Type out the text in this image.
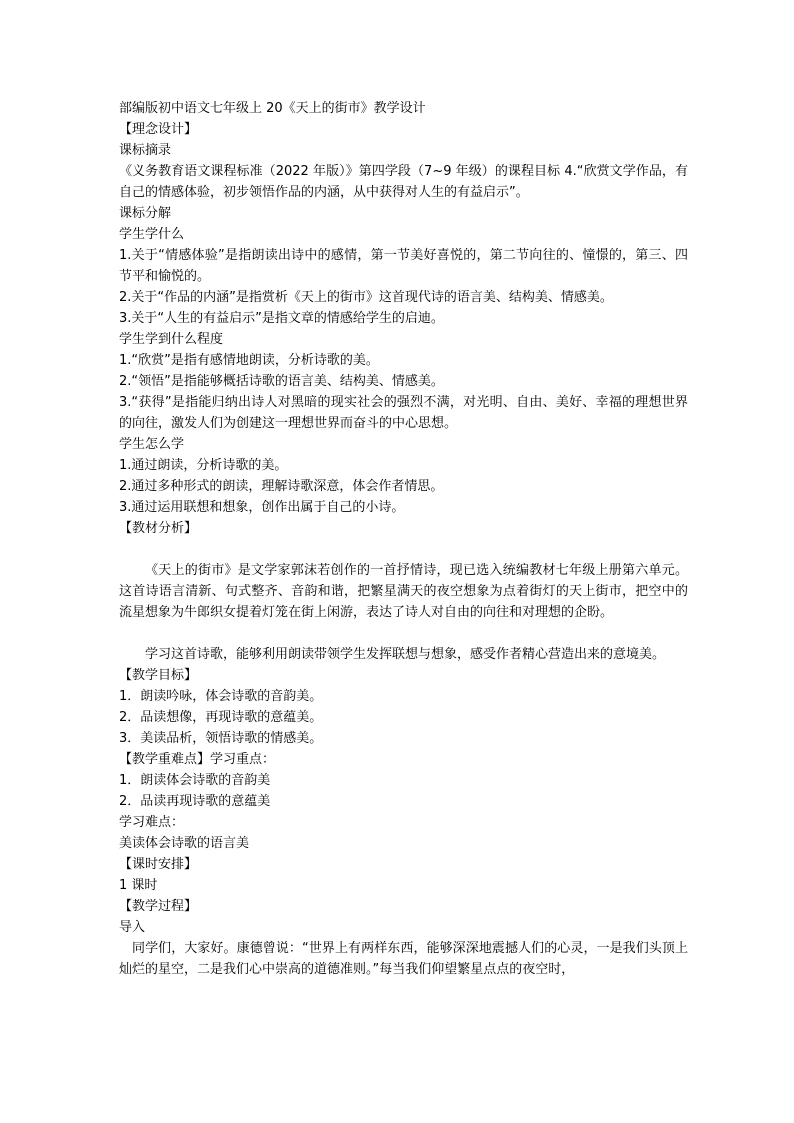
部编版初中语文七年级上 20《天上的街市》教学设计
【理念设计】
课标摘录
《义务教育语文课程标准（2022 年版）》第四学段（7~9 年级）的课程目标 4.“欣赏文学作品，有自己的情感体验，初步领悟作品的内涵，从中获得对人生的有益启示”。
课标分解
学生学什么
1.关于“情感体验”是指朗读出诗中的感情，第一节美好喜悦的，第二节向往的、憧憬的，第三、四节平和愉悦的。
2.关于“作品的内涵”是指赏析《天上的街市》这首现代诗的语言美、结构美、情感美。
3.关于“人生的有益启示”是指文章的情感给学生的启迪。
学生学到什么程度
1.“欣赏”是指有感情地朗读，分析诗歌的美。
2.“领悟”是指能够概括诗歌的语言美、结构美、情感美。
3.“获得”是指能归纳出诗人对黑暗的现实社会的强烈不满，对光明、自由、美好、幸福的理想世界的向往，激发人们为创建这一理想世界而奋斗的中心思想。
学生怎么学
1.通过朗读，分析诗歌的美。
2.通过多种形式的朗读，理解诗歌深意，体会作者情思。
3.通过运用联想和想象，创作出属于自己的小诗。
【教材分析】
《天上的街市》是文学家郭沫若创作的一首抒情诗，现已选入统编教材七年级上册第六单元。这首诗语言清新、句式整齐、音韵和谐，把繁星满天的夜空想象为点着街灯的天上街市，把空中的流星想象为牛郎织女提着灯笼在街上闲游，表达了诗人对自由的向往和对理想的企盼。
学习这首诗歌，能够利用朗读带领学生发挥联想与想象，感受作者精心营造出来的意境美。
【教学目标】
1．朗读吟咏，体会诗歌的音韵美。
2．品读想像，再现诗歌的意蕴美。
3．美读品析，领悟诗歌的情感美。
【教学重难点】学习重点：
1．朗读体会诗歌的音韵美
2．品读再现诗歌的意蕴美
学习难点：
美读体会诗歌的语言美
【课时安排】
1 课时
【教学过程】
导入
同学们，大家好。康德曾说：“世界上有两样东西，能够深深地震撼人们的心灵，一是我们头顶上灿烂的星空，二是我们心中崇高的道德准则。”每当我们仰望繁星点点的夜空时，
